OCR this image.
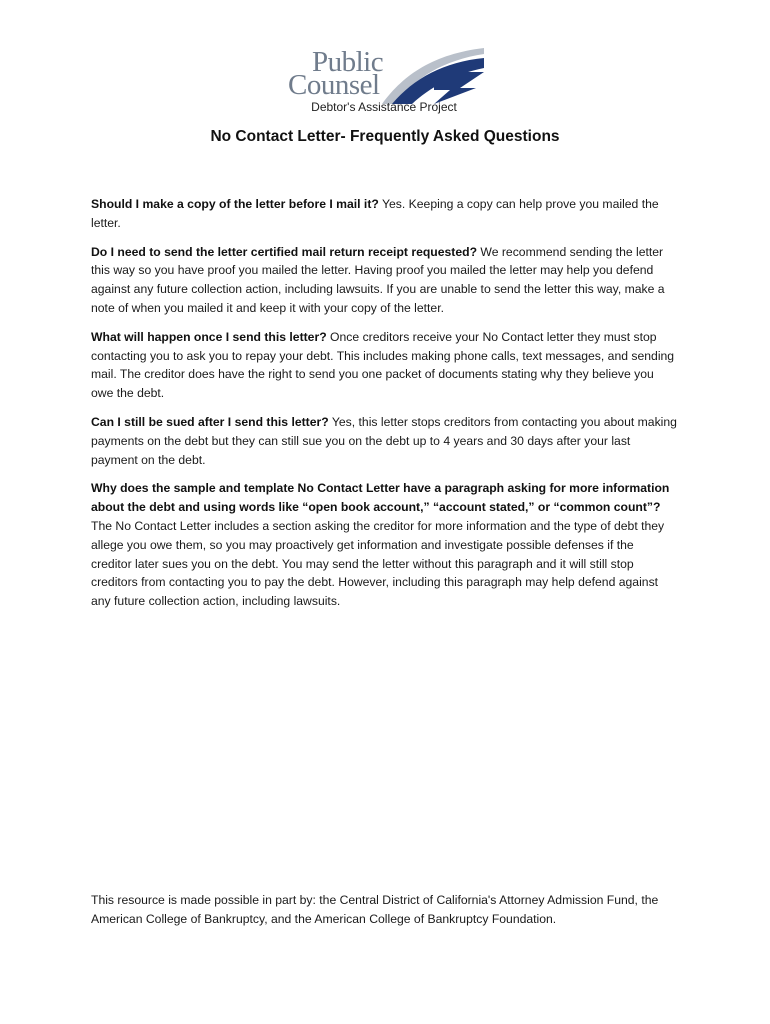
Public
Counsel
Debtor's Assistance Project
No Contact Letter- Frequently Asked Questions

Should I make a copy of the letter before I mail it? Yes. Keeping a copy can help prove you mailed the letter.

Do I need to send the letter certified mail return receipt requested? We recommend sending the letter this way so you have proof you mailed the letter. Having proof you mailed the letter may help you defend against any future collection action, including lawsuits. If you are unable to send the letter this way, make a note of when you mailed it and keep it with your copy of the letter.

What will happen once I send this letter? Once creditors receive your No Contact letter they must stop contacting you to ask you to repay your debt. This includes making phone calls, text messages, and sending mail. The creditor does have the right to send you one packet of documents stating why they believe you owe the debt.

Can I still be sued after I send this letter? Yes, this letter stops creditors from contacting you about making payments on the debt but they can still sue you on the debt up to 4 years and 30 days after your last payment on the debt.

Why does the sample and template No Contact Letter have a paragraph asking for more information about the debt and using words like “open book account,” “account stated,” or “common count”? The No Contact Letter includes a section asking the creditor for more information and the type of debt they allege you owe them, so you may proactively get information and investigate possible defenses if the creditor later sues you on the debt. You may send the letter without this paragraph and it will still stop creditors from contacting you to pay the debt. However, including this paragraph may help defend against any future collection action, including lawsuits.

This resource is made possible in part by: the Central District of California's Attorney Admission Fund, the American College of Bankruptcy, and the American College of Bankruptcy Foundation.
